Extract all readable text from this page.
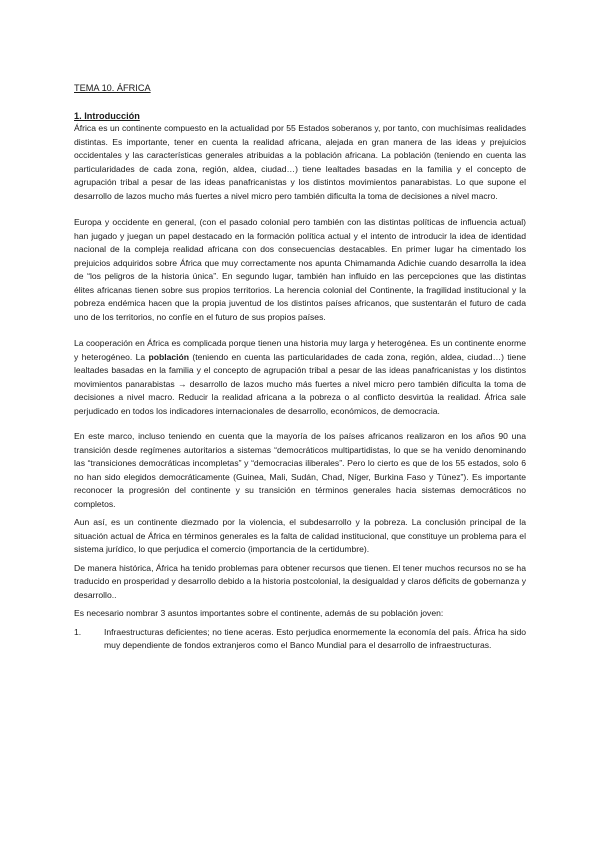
TEMA 10. ÁFRICA
1. Introducción

África es un continente compuesto en la actualidad por 55 Estados soberanos y, por tanto, con muchísimas realidades distintas. Es importante, tener en cuenta la realidad africana, alejada en gran manera de las ideas y prejuicios occidentales y las características generales atribuidas a la población africana. La población (teniendo en cuenta las particularidades de cada zona, región, aldea, ciudad…) tiene lealtades basadas en la familia y el concepto de agrupación tribal a pesar de las ideas panafricanistas y los distintos movimientos panarabistas. Lo que supone el desarrollo de lazos mucho más fuertes a nivel micro pero también dificulta la toma de decisiones a nivel macro.

Europa y occidente en general, (con el pasado colonial pero también con las distintas políticas de influencia actual) han jugado y juegan un papel destacado en la formación política actual y el intento de introducir la idea de identidad nacional de la compleja realidad africana con dos consecuencias destacables. En primer lugar ha cimentado los prejuicios adquiridos sobre África que muy correctamente nos apunta Chimamanda Adichie cuando desarrolla la idea de “los peligros de la historia única”. En segundo lugar, también han influido en las percepciones que las distintas élites africanas tienen sobre sus propios territorios. La herencia colonial del Continente, la fragilidad institucional y la pobreza endémica hacen que la propia juventud de los distintos países africanos, que sustentarán el futuro de cada uno de los territorios, no confíe en el futuro de sus propios países.

La cooperación en África es complicada porque tienen una historia muy larga y heterogénea. Es un continente enorme y heterogéneo. La población (teniendo en cuenta las particularidades de cada zona, región, aldea, ciudad…) tiene lealtades basadas en la familia y el concepto de agrupación tribal a pesar de las ideas panafricanistas y los distintos movimientos panarabistas → desarrollo de lazos mucho más fuertes a nivel micro pero también dificulta la toma de decisiones a nivel macro. Reducir la realidad africana a la pobreza o al conflicto desvirtúa la realidad. África sale perjudicado en todos los indicadores internacionales de desarrollo, económicos, de democracia.

En este marco, incluso teniendo en cuenta que la mayoría de los países africanos realizaron en los años 90 una transición desde regímenes autoritarios a sistemas “democráticos multipartidistas, lo que se ha venido denominando las “transiciones democráticas incompletas” y “democracias iliberales”. Pero lo cierto es que de los 55 estados, solo 6 no han sido elegidos democráticamente (Guinea, Mali, Sudán, Chad, Níger, Burkina Faso y Túnez”). Es importante reconocer la progresión del continente y su transición en términos generales hacia sistemas democráticos no completos.

Aun así, es un continente diezmado por la violencia, el subdesarrollo y la pobreza. La conclusión principal de la situación actual de África en términos generales es la falta de calidad institucional, que constituye un problema para el sistema jurídico, lo que perjudica el comercio (importancia de la certidumbre).

De manera histórica, África ha tenido problemas para obtener recursos que tienen. El tener muchos recursos no se ha traducido en prosperidad y desarrollo debido a la historia postcolonial, la desigualdad y claros déficits de gobernanza y desarrollo..

Es necesario nombrar 3 asuntos importantes sobre el continente, además de su población joven:

1.	Infraestructuras deficientes; no tiene aceras. Esto perjudica enormemente la economía del país. África ha sido muy dependiente de fondos extranjeros como el Banco Mundial para el desarrollo de infraestructuras.
